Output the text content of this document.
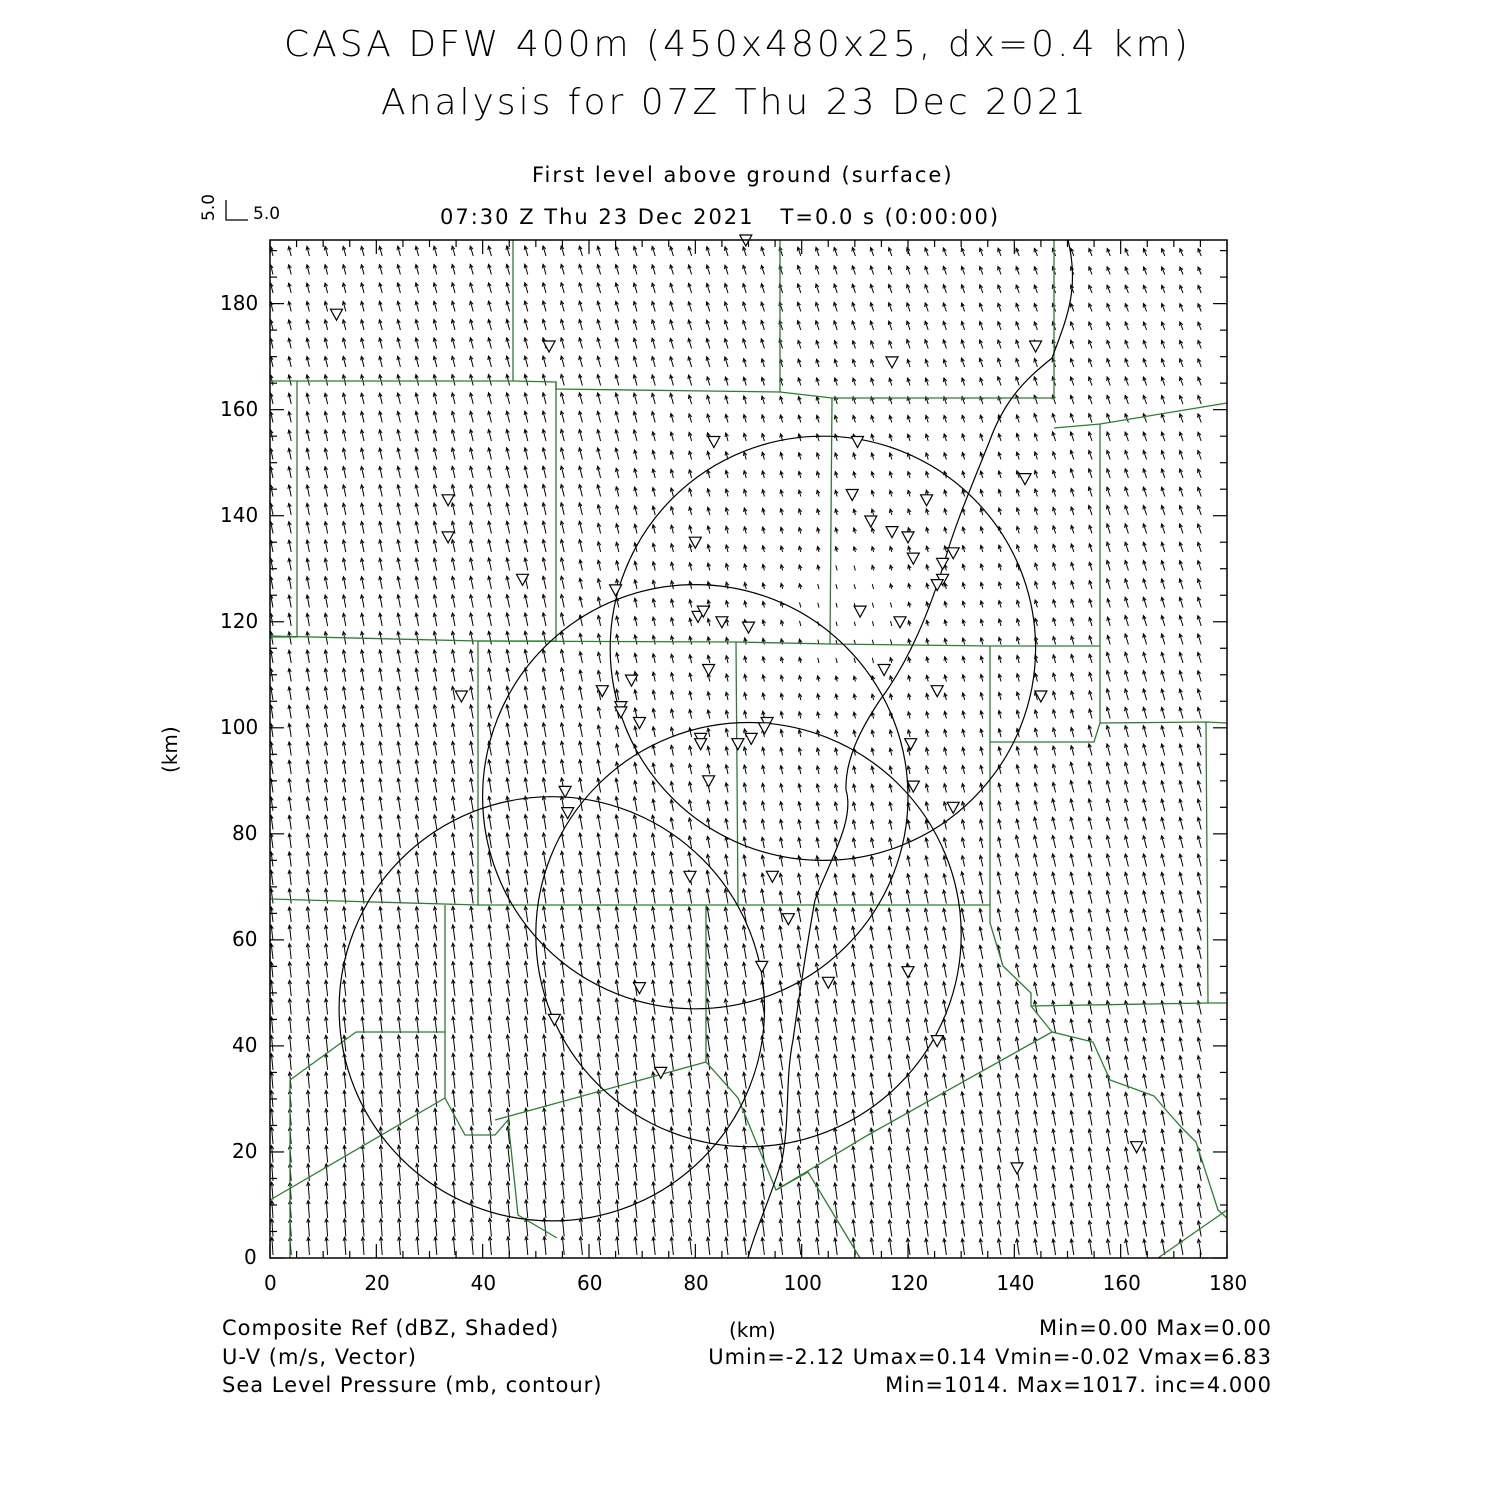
CASA DFW 400m (450x480x25, dx=0.4 km)
Analysis for 07Z Thu 23 Dec 2021
First level above ground (surface)
07:30 Z Thu 23 Dec 2021   T=0.0 s (0:00:00)
5.0
5.0
(km)
(km)
0	20	40	60	80	100	120	140	160	180
0
20
40
60
80
100
120
140
160
180
Composite Ref (dBZ, Shaded)	Min=0.00 Max=0.00
U-V (m/s, Vector)	Umin=-2.12 Umax=0.14 Vmin=-0.02 Vmax=6.83
Sea Level Pressure (mb, contour)	Min=1014. Max=1017. inc=4.000
